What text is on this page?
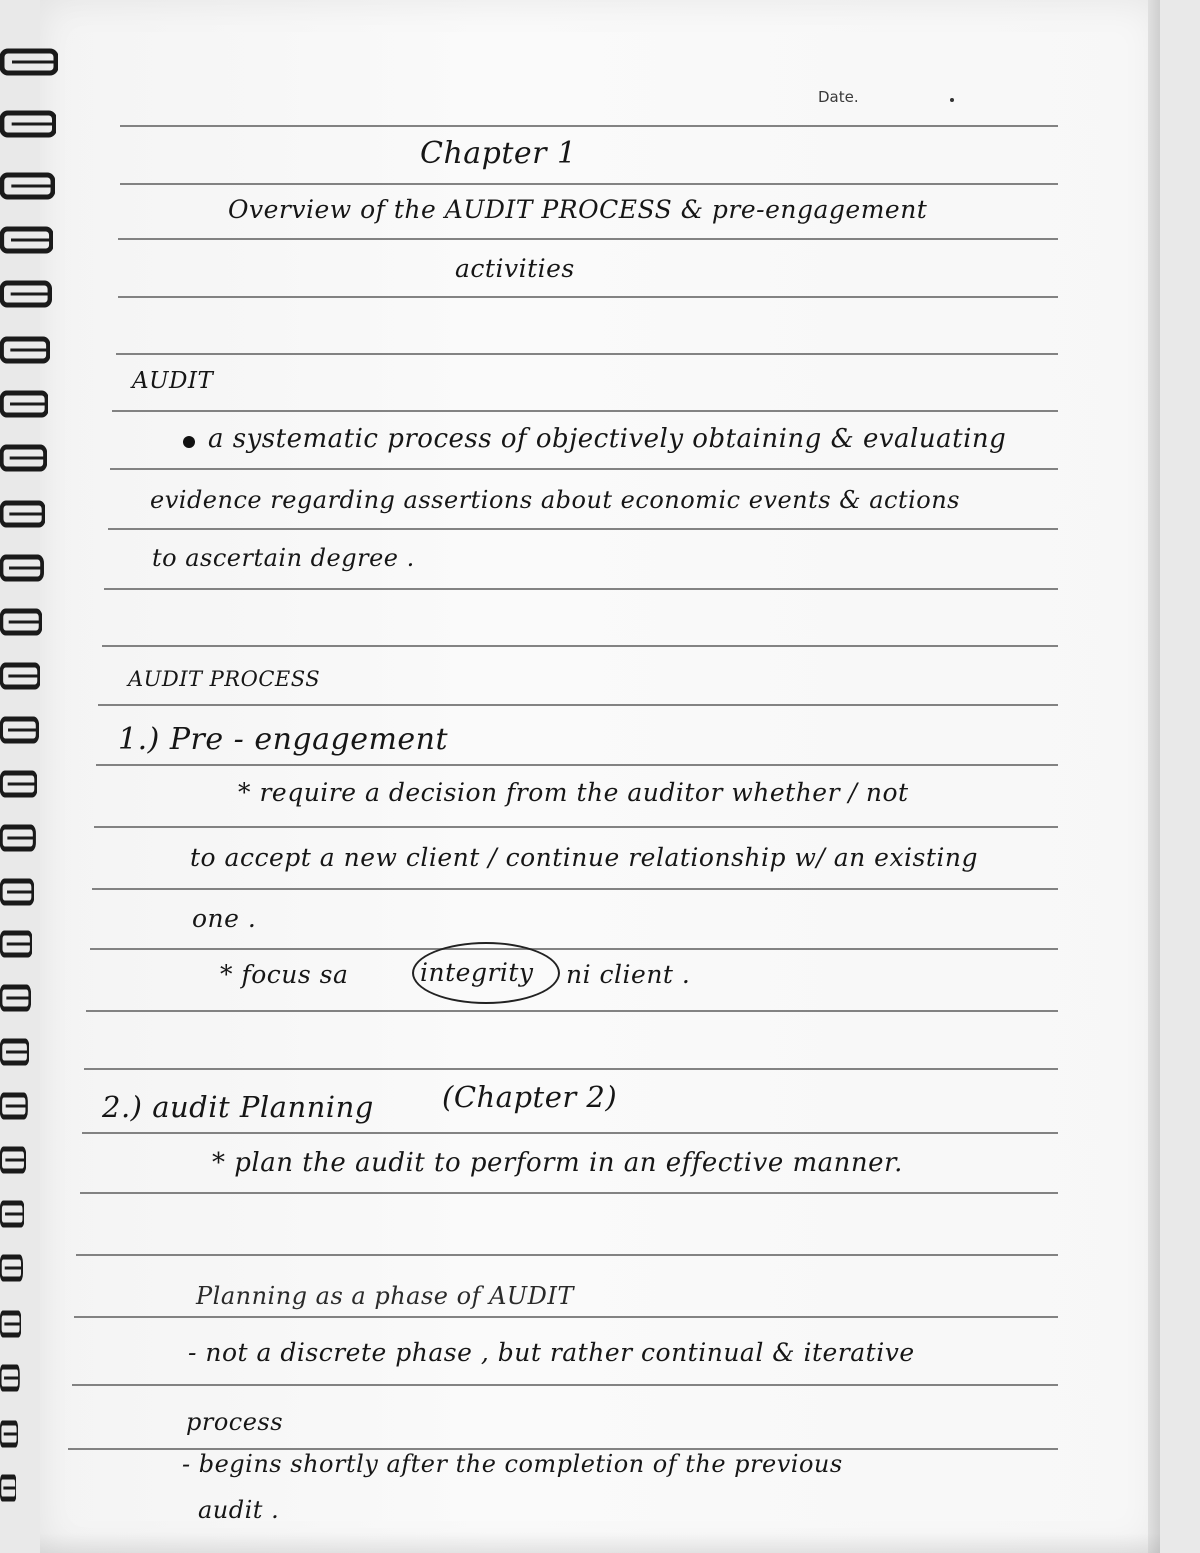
Date.
Chapter 1
Overview of the AUDIT PROCESS & pre-engagement
activities
AUDIT
a systematic process of objectively obtaining & evaluating
evidence regarding assertions about economic events & actions
to ascertain degree .
AUDIT PROCESS
1.) Pre - engagement
* require a decision from the auditor whether / not
to accept a new client / continue relationship w/ an existing
one .
* focus sa	integrity ni client .
2.) audit Planning (Chapter 2)
* plan the audit to perform in an effective manner.
Planning as a phase of AUDIT
- not a discrete phase , but rather continual & iterative
process
- begins shortly after the completion of the previous
audit .
